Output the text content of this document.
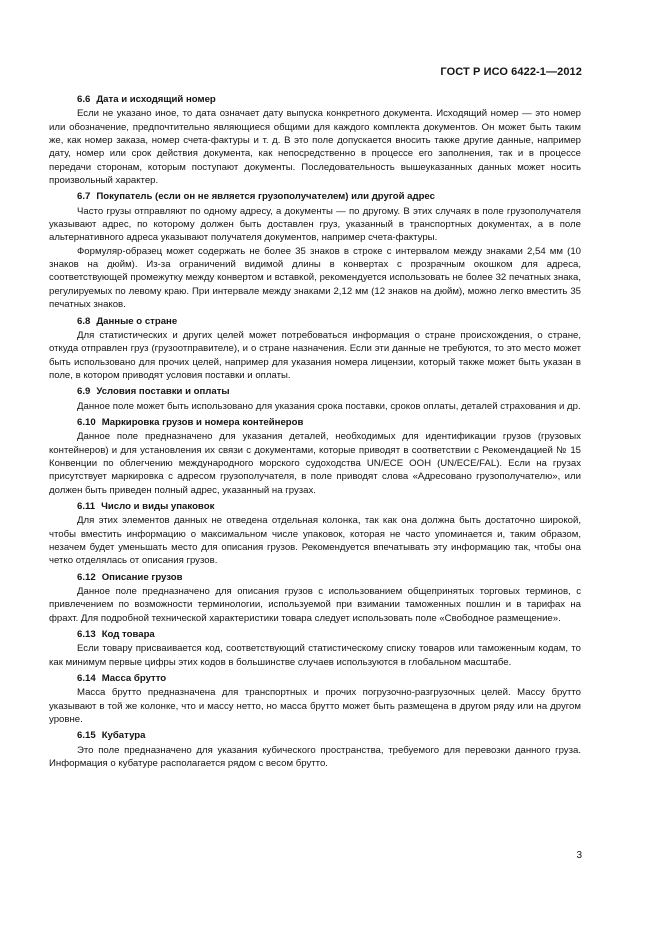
ГОСТ Р ИСО 6422-1—2012
6.6 Дата и исходящий номер

Если не указано иное, то дата означает дату выпуска конкретного документа. Исходящий номер — это номер или обозначение, предпочтительно являющиеся общими для каждого комплекта документов. Он может быть таким же, как номер заказа, номер счета-фактуры и т. д. В это поле допускается вносить также другие данные, например дату, номер или срок действия документа, как непосредственно в процессе его заполнения, так и в процессе передачи сторонам, которым поступают документы. Последовательность вышеуказанных данных может носить произвольный характер.

6.7 Покупатель (если он не является грузополучателем) или другой адрес

Часто грузы отправляют по одному адресу, а документы — по другому. В этих случаях в поле грузополучателя указывают адрес, по которому должен быть доставлен груз, указанный в транспортных документах, а в поле альтернативного адреса указывают получателя документов, например счета-фактуры.

Формуляр-образец может содержать не более 35 знаков в строке с интервалом между знаками 2,54 мм (10 знаков на дюйм). Из-за ограничений видимой длины в конвертах с прозрачным окошком для адреса, соответствующей промежутку между конвертом и вставкой, рекомендуется использовать не более 32 печатных знака, регулируемых по левому краю. При интервале между знаками 2,12 мм (12 знаков на дюйм), можно легко вместить 35 печатных знаков.

6.8 Данные о стране

Для статистических и других целей может потребоваться информация о стране происхождения, о стране, откуда отправлен груз (грузоотправителе), и о стране назначения. Если эти данные не требуются, то это место может быть использовано для прочих целей, например для указания номера лицензии, который также может быть указан в поле, в котором приводят условия поставки и оплаты.

6.9 Условия поставки и оплаты

Данное поле может быть использовано для указания срока поставки, сроков оплаты, деталей страхования и др.

6.10 Маркировка грузов и номера контейнеров

Данное поле предназначено для указания деталей, необходимых для идентификации грузов (грузовых контейнеров) и для установления их связи с документами, которые приводят в соответствии с Рекомендацией № 15 Конвенции по облегчению международного морского судоходства UN/ECE ООН (UN/ECE/FAL). Если на грузах присутствует маркировка с адресом грузополучателя, в поле приводят слова «Адресовано грузополучателю», или должен быть приведен полный адрес, указанный на грузах.

6.11 Число и виды упаковок

Для этих элементов данных не отведена отдельная колонка, так как она должна быть достаточно широкой, чтобы вместить информацию о максимальном числе упаковок, которая не часто упоминается и, таким образом, незачем будет уменьшать место для описания грузов. Рекомендуется впечатывать эту информацию так, чтобы она четко отделялась от описания грузов.

6.12 Описание грузов

Данное поле предназначено для описания грузов с использованием общепринятых торговых терминов, с привлечением по возможности терминологии, используемой при взимании таможенных пошлин и в тарифах на фрахт. Для подробной технической характеристики товара следует использовать поле «Свободное размещение».

6.13 Код товара

Если товару присваивается код, соответствующий статистическому списку товаров или таможенным кодам, то как минимум первые цифры этих кодов в большинстве случаев используются в глобальном масштабе.

6.14 Масса брутто

Масса брутто предназначена для транспортных и прочих погрузочно-разгрузочных целей. Массу брутто указывают в той же колонке, что и массу нетто, но масса брутто может быть размещена в другом ряду или на другом уровне.

6.15 Кубатура

Это поле предназначено для указания кубического пространства, требуемого для перевозки данного груза. Информация о кубатуре располагается рядом с весом брутто.

3
